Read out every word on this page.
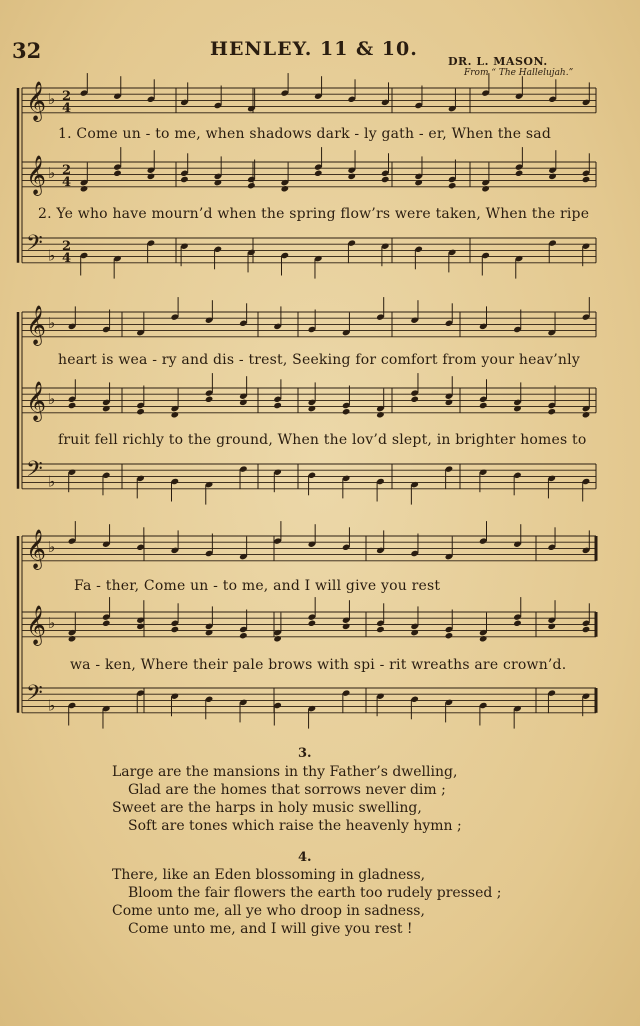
32	HENLEY. 11 & 10.
DR. L. MASON.
From “ The Hallelujah.”
𝄞 ♭ 2
4
𝄞 ♭ 2
4
𝄢 ♭
2
4
𝄞 ♭
𝄞 ♭
𝄢 ♭
𝄞 ♭
𝄞 ♭
𝄢 ♭
1. Come un - to me, when shadows dark - ly gath - er, When the sad
2. Ye who have mourn’d when the spring flow’rs were taken, When the ripe
heart is wea - ry and dis - trest, Seeking for comfort from your heav’nly
fruit fell richly to the ground, When the lov’d slept, in brighter homes to
Fa - ther, Come un - to me, and I will give you rest
wa - ken, Where their pale brows with spi - rit wreaths are crown’d.
3.
Large are the mansions in thy Father’s dwelling,
Glad are the homes that sorrows never dim ;
Sweet are the harps in holy music swelling,
Soft are tones which raise the heavenly hymn ;
4.
There, like an Eden blossoming in gladness,
Bloom the fair flowers the earth too rudely pressed ;
Come unto me, all ye who droop in sadness,
Come unto me, and I will give you rest !
